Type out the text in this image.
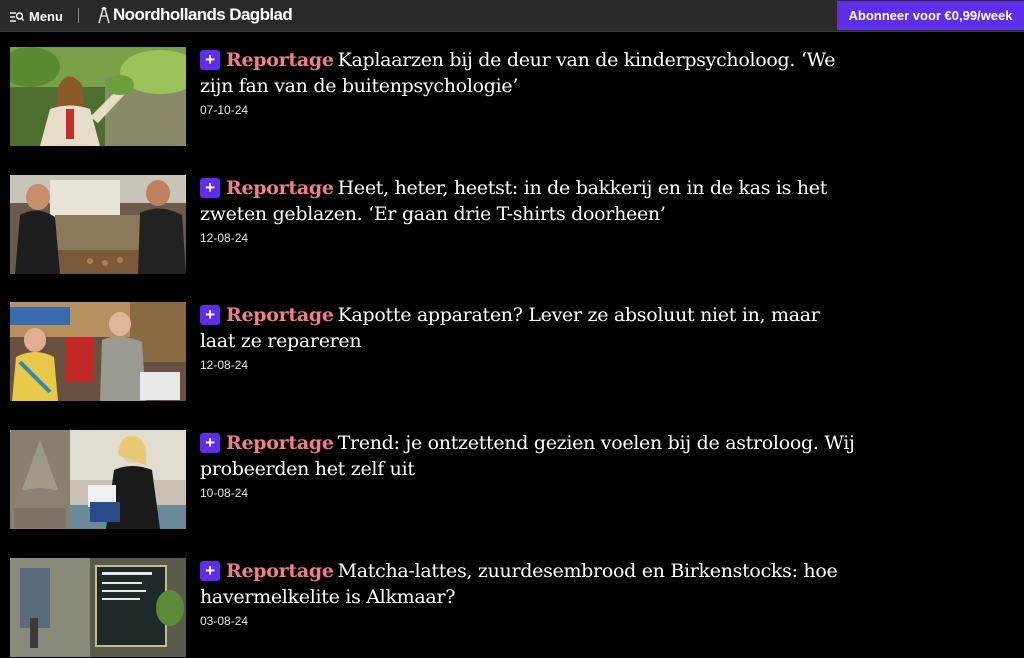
Menu	Noordhollands Dagblad	Abonneer voor €0,99/week
+ Reportage Kaplaarzen bij de deur van de kinderpsycholoog. ‘We zijn fan van de buitenpsychologie’
07-10-24
+ Reportage Heet, heter, heetst: in de bakkerij en in de kas is het zweten geblazen. ‘Er gaan drie T-shirts doorheen’
12-08-24
+ Reportage Kapotte apparaten? Lever ze absoluut niet in, maar laat ze repareren
12-08-24
+ Reportage Trend: je ontzettend gezien voelen bij de astroloog. Wij probeerden het zelf uit
10-08-24
+ Reportage Matcha-lattes, zuurdesembrood en Birkenstocks: hoe havermelkelite is Alkmaar?
03-08-24
